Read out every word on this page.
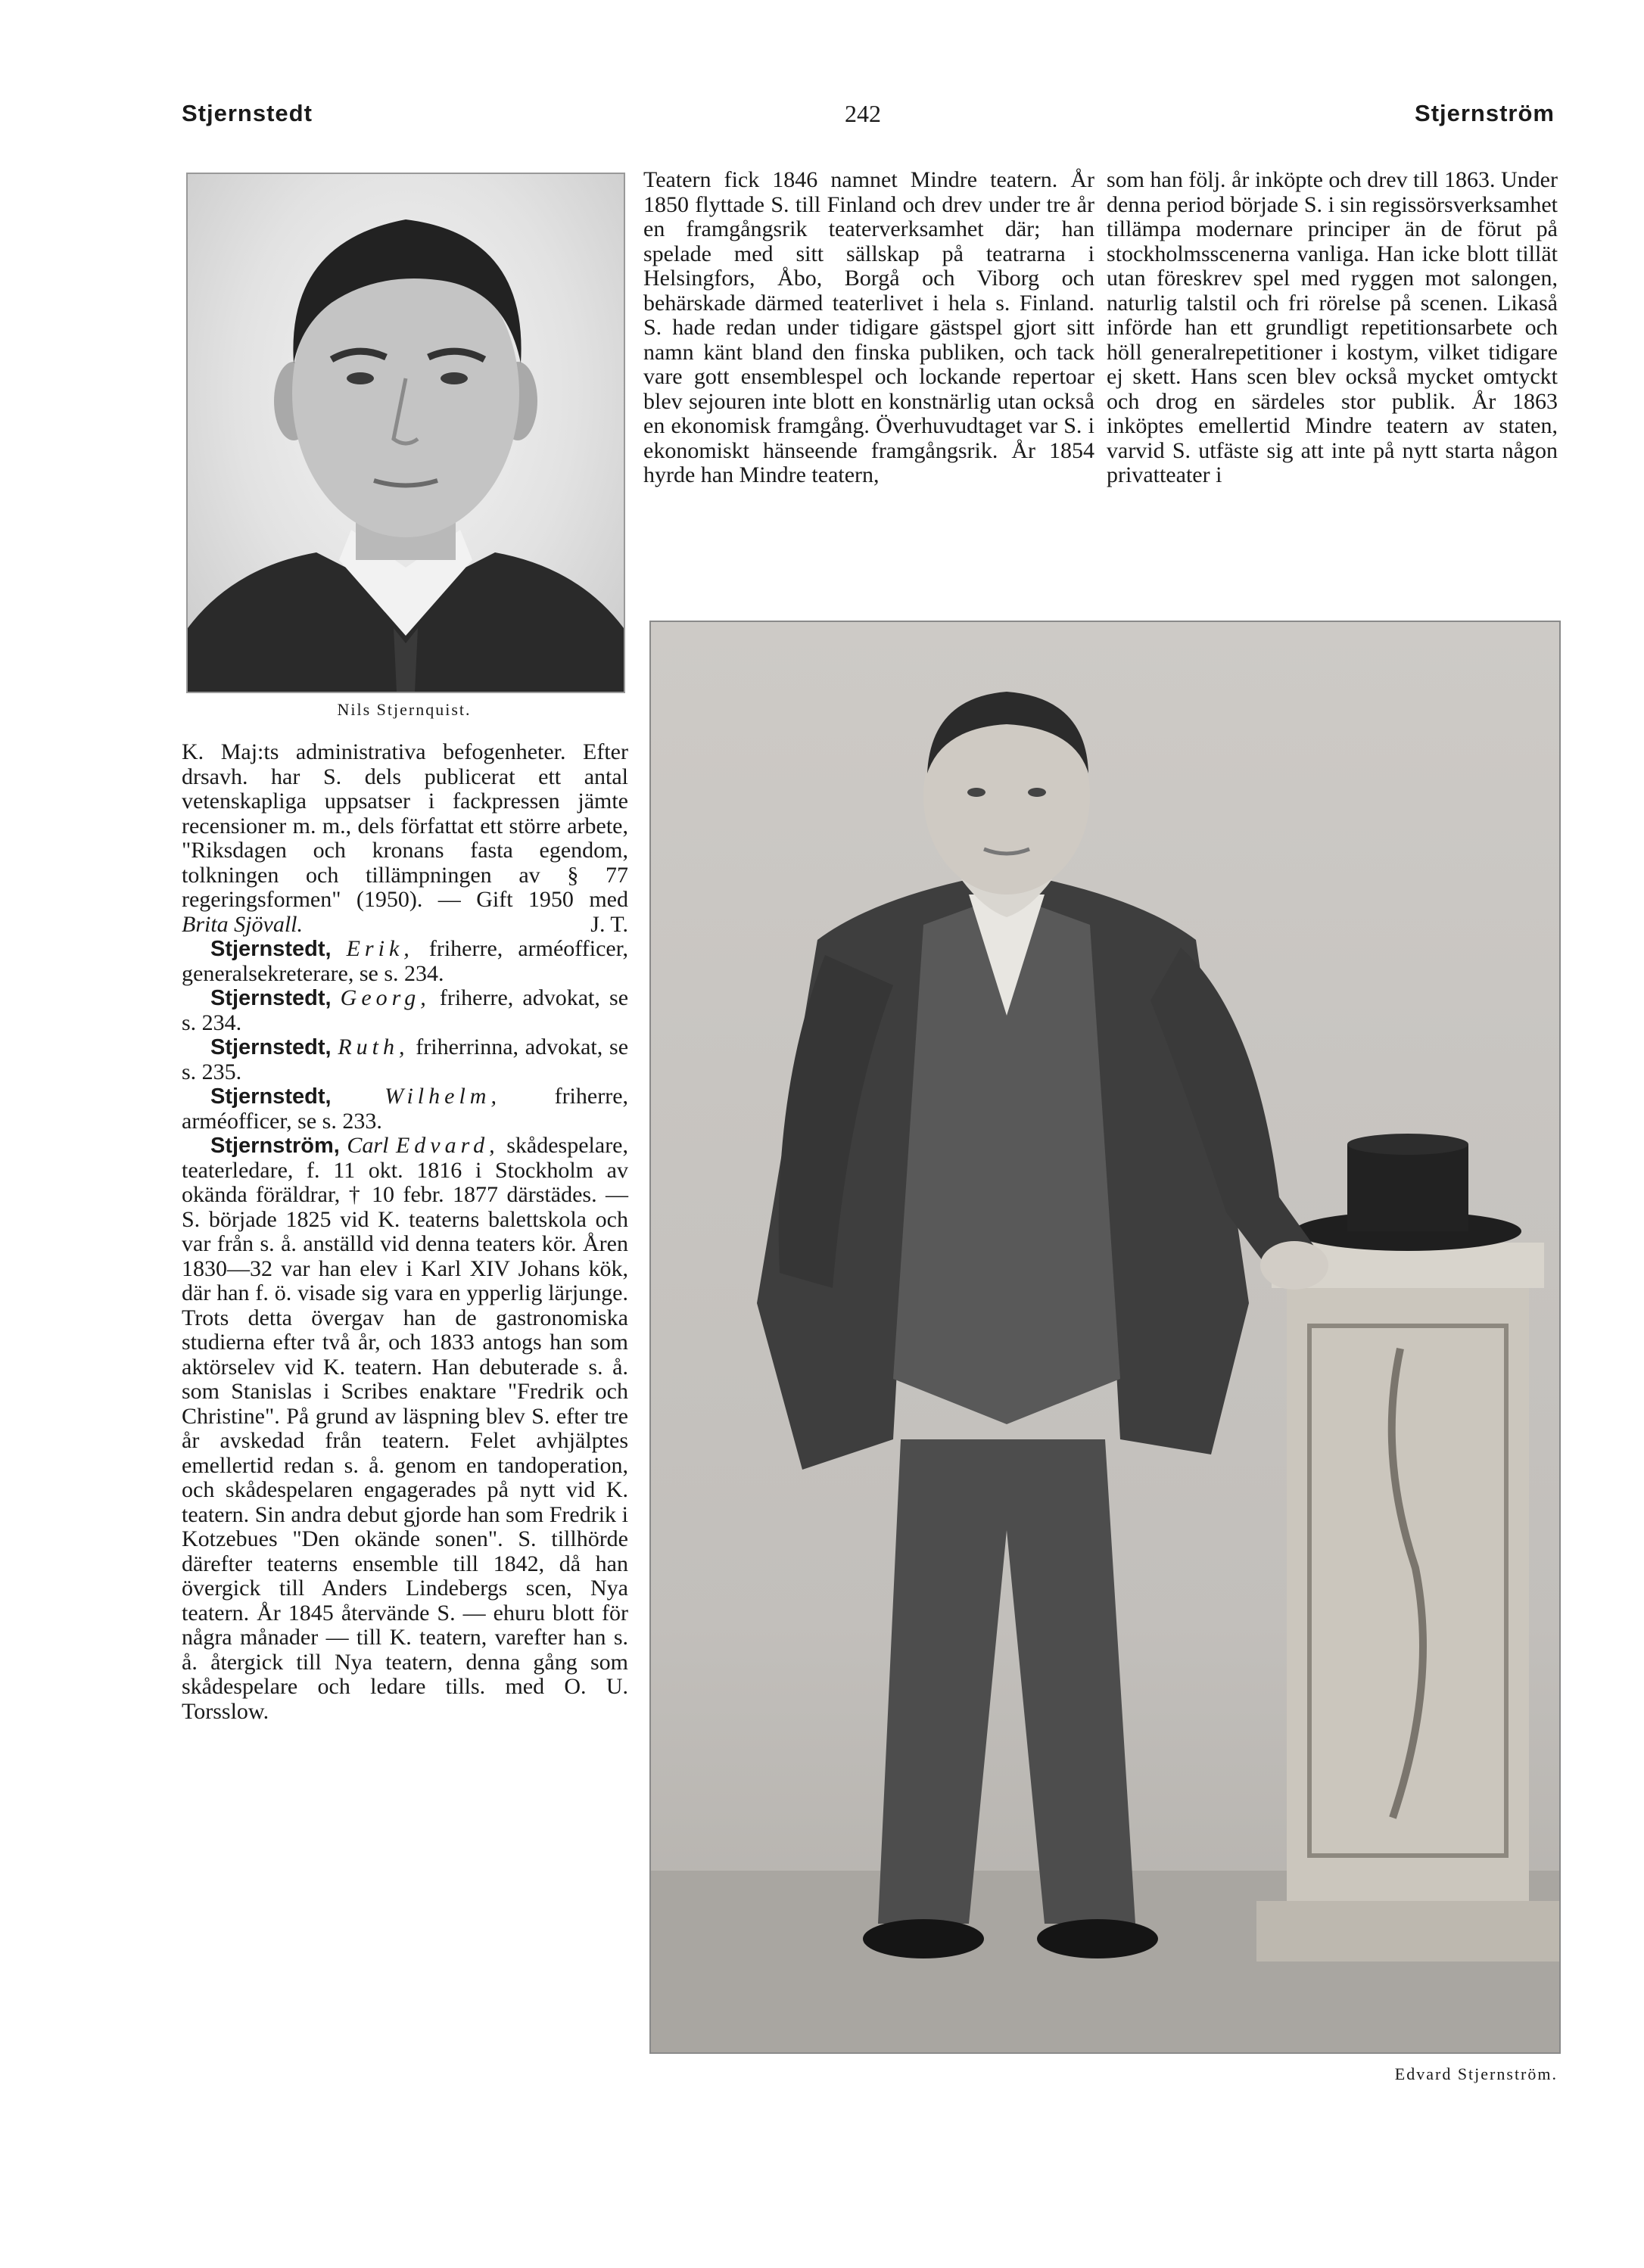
Stjernstedt	242	Stjernström
Nils Stjernquist.

Teatern fick 1846 namnet Mindre teatern. År 1850 flyttade S. till Finland och drev under tre år en framgångsrik teaterverksamhet där; han spelade med sitt sällskap på teatrarna i Helsingfors, Åbo, Borgå och Viborg och behärskade därmed teaterlivet i hela s. Finland. S. hade redan under tidigare gästspel gjort sitt namn känt bland den finska publiken, och tack vare gott ensemblespel och lockande repertoar blev sejouren inte blott en konstnärlig utan också en ekonomisk framgång. Överhuvudtaget var S. i ekonomiskt hänseende framgångsrik. År 1854 hyrde han Mindre teatern,

som han följ. år inköpte och drev till 1863. Under denna period började S. i sin regissörsverksamhet tillämpa modernare principer än de förut på stockholmsscenerna vanliga. Han icke blott tillät utan föreskrev spel med ryggen mot salongen, naturlig talstil och fri rörelse på scenen. Likaså införde han ett grundligt repetitionsarbete och höll generalrepetitioner i kostym, vilket tidigare ej skett. Hans scen blev också mycket omtyckt och drog en särdeles stor publik. År 1863 inköptes emellertid Mindre teatern av staten, varvid S. utfäste sig att inte på nytt starta någon privatteater i

Edvard Stjernström.

K. Maj:ts administrativa befogenheter. Efter drsavh. har S. dels publicerat ett antal vetenskapliga uppsatser i fackpressen jämte recensioner m. m., dels författat ett större arbete, "Riksdagen och kronans fasta egendom, tolkningen och tillämpningen av § 77 regeringsformen" (1950). — Gift 1950 med Brita Sjövall.	J. T.

Stjernstedt, Erik, friherre, arméofficer, generalsekreterare, se s. 234.

Stjernstedt, Georg, friherre, advokat, se s. 234.

Stjernstedt, Ruth, friherrinna, advokat, se s. 235.

Stjernstedt, Wilhelm, friherre, arméofficer, se s. 233.

Stjernström, Carl Edvard, skådespelare, teaterledare, f. 11 okt. 1816 i Stockholm av okända föräldrar, † 10 febr. 1877 därstädes. — S. började 1825 vid K. teaterns balettskola och var från s. å. anställd vid denna teaters kör. Åren 1830—32 var han elev i Karl XIV Johans kök, där han f. ö. visade sig vara en ypperlig lärjunge. Trots detta övergav han de gastronomiska studierna efter två år, och 1833 antogs han som aktörselev vid K. teatern. Han debuterade s. å. som Stanislas i Scribes enaktare "Fredrik och Christine". På grund av läspning blev S. efter tre år avskedad från teatern. Felet avhjälptes emellertid redan s. å. genom en tandoperation, och skådespelaren engagerades på nytt vid K. teatern. Sin andra debut gjorde han som Fredrik i Kotzebues "Den okände sonen". S. tillhörde därefter teaterns ensemble till 1842, då han övergick till Anders Lindebergs scen, Nya teatern. År 1845 återvände S. — ehuru blott för några månader — till K. teatern, varefter han s. å. återgick till Nya teatern, denna gång som skådespelare och ledare tills. med O. U. Torsslow.
